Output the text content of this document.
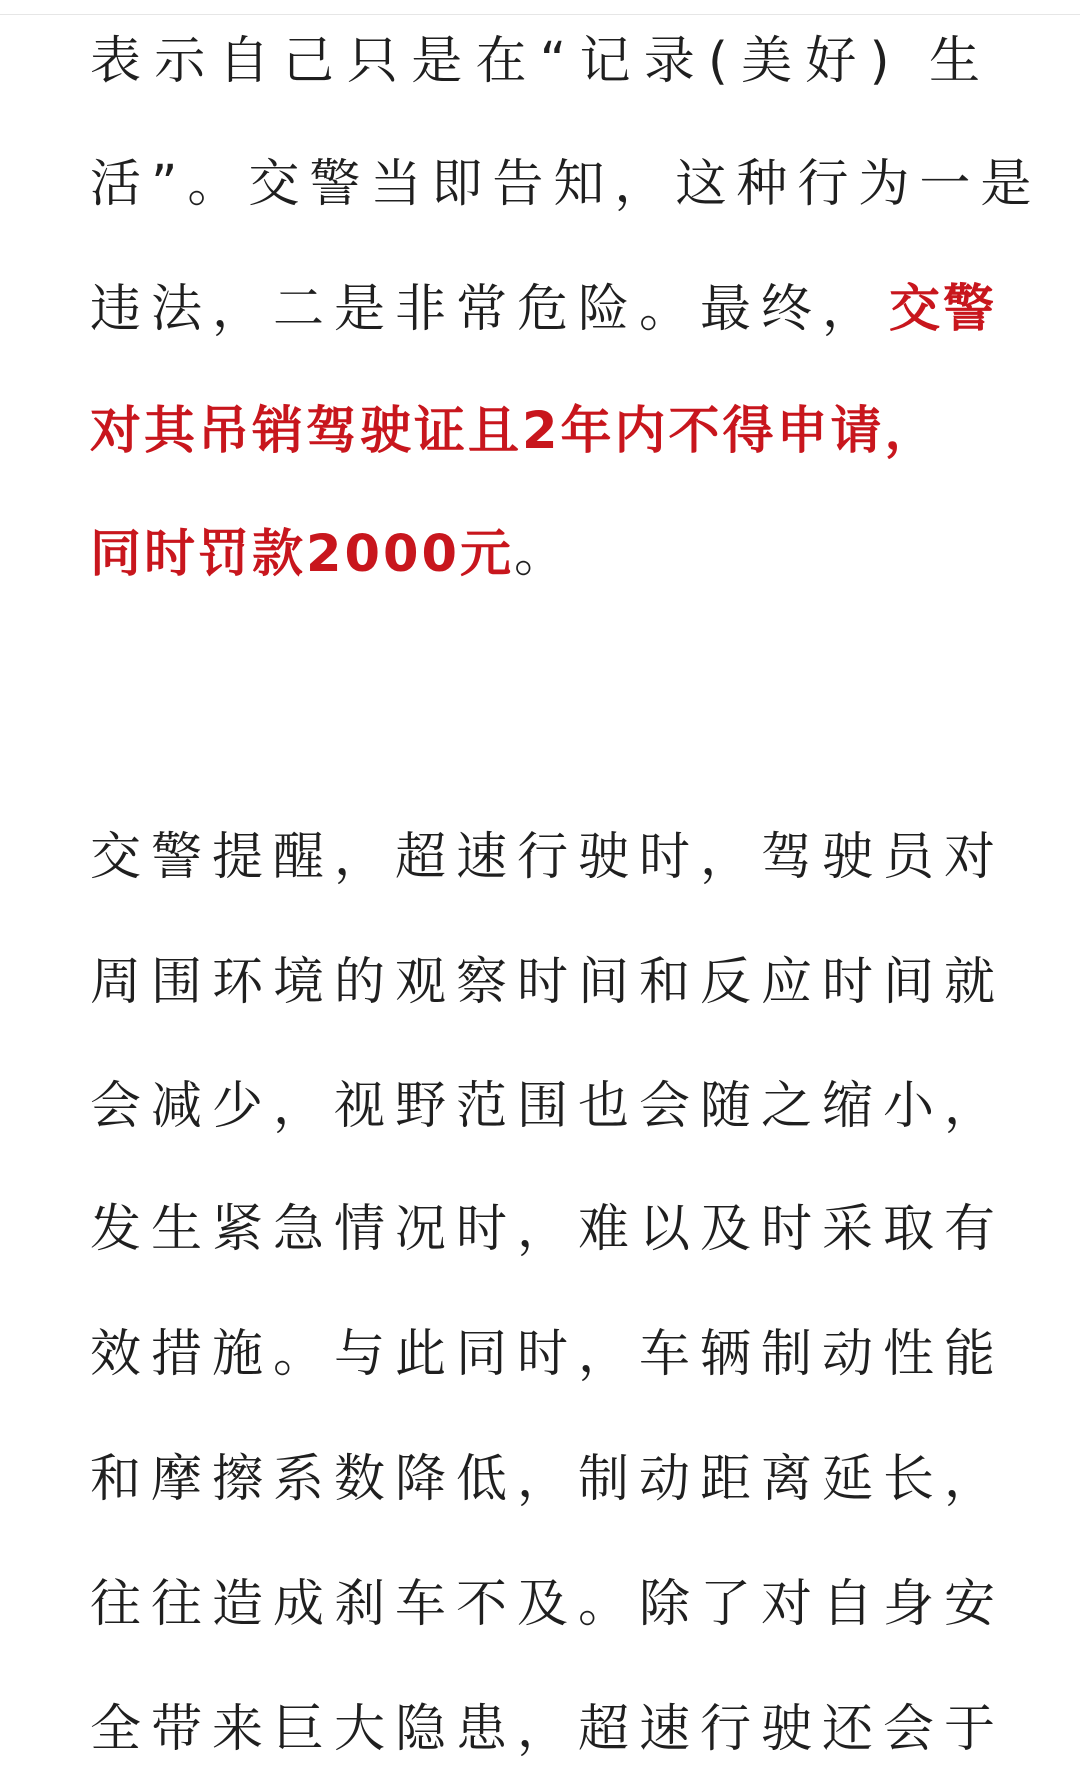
表示自己只是在“记录(美好) 生
活”。交警当即告知，这种行为一是
违法，二是非常危险。最终， 交警
对其吊销驾驶证且2年内不得申请，
同时罚款2000元。
交警提醒，超速行驶时，驾驶员对
周围环境的观察时间和反应时间就
会减少，视野范围也会随之缩小，
发生紧急情况时，难以及时采取有
效措施。与此同时，车辆制动性能
和摩擦系数降低，制动距离延长，
往往造成刹车不及。除了对自身安
全带来巨大隐患，超速行驶还会于
